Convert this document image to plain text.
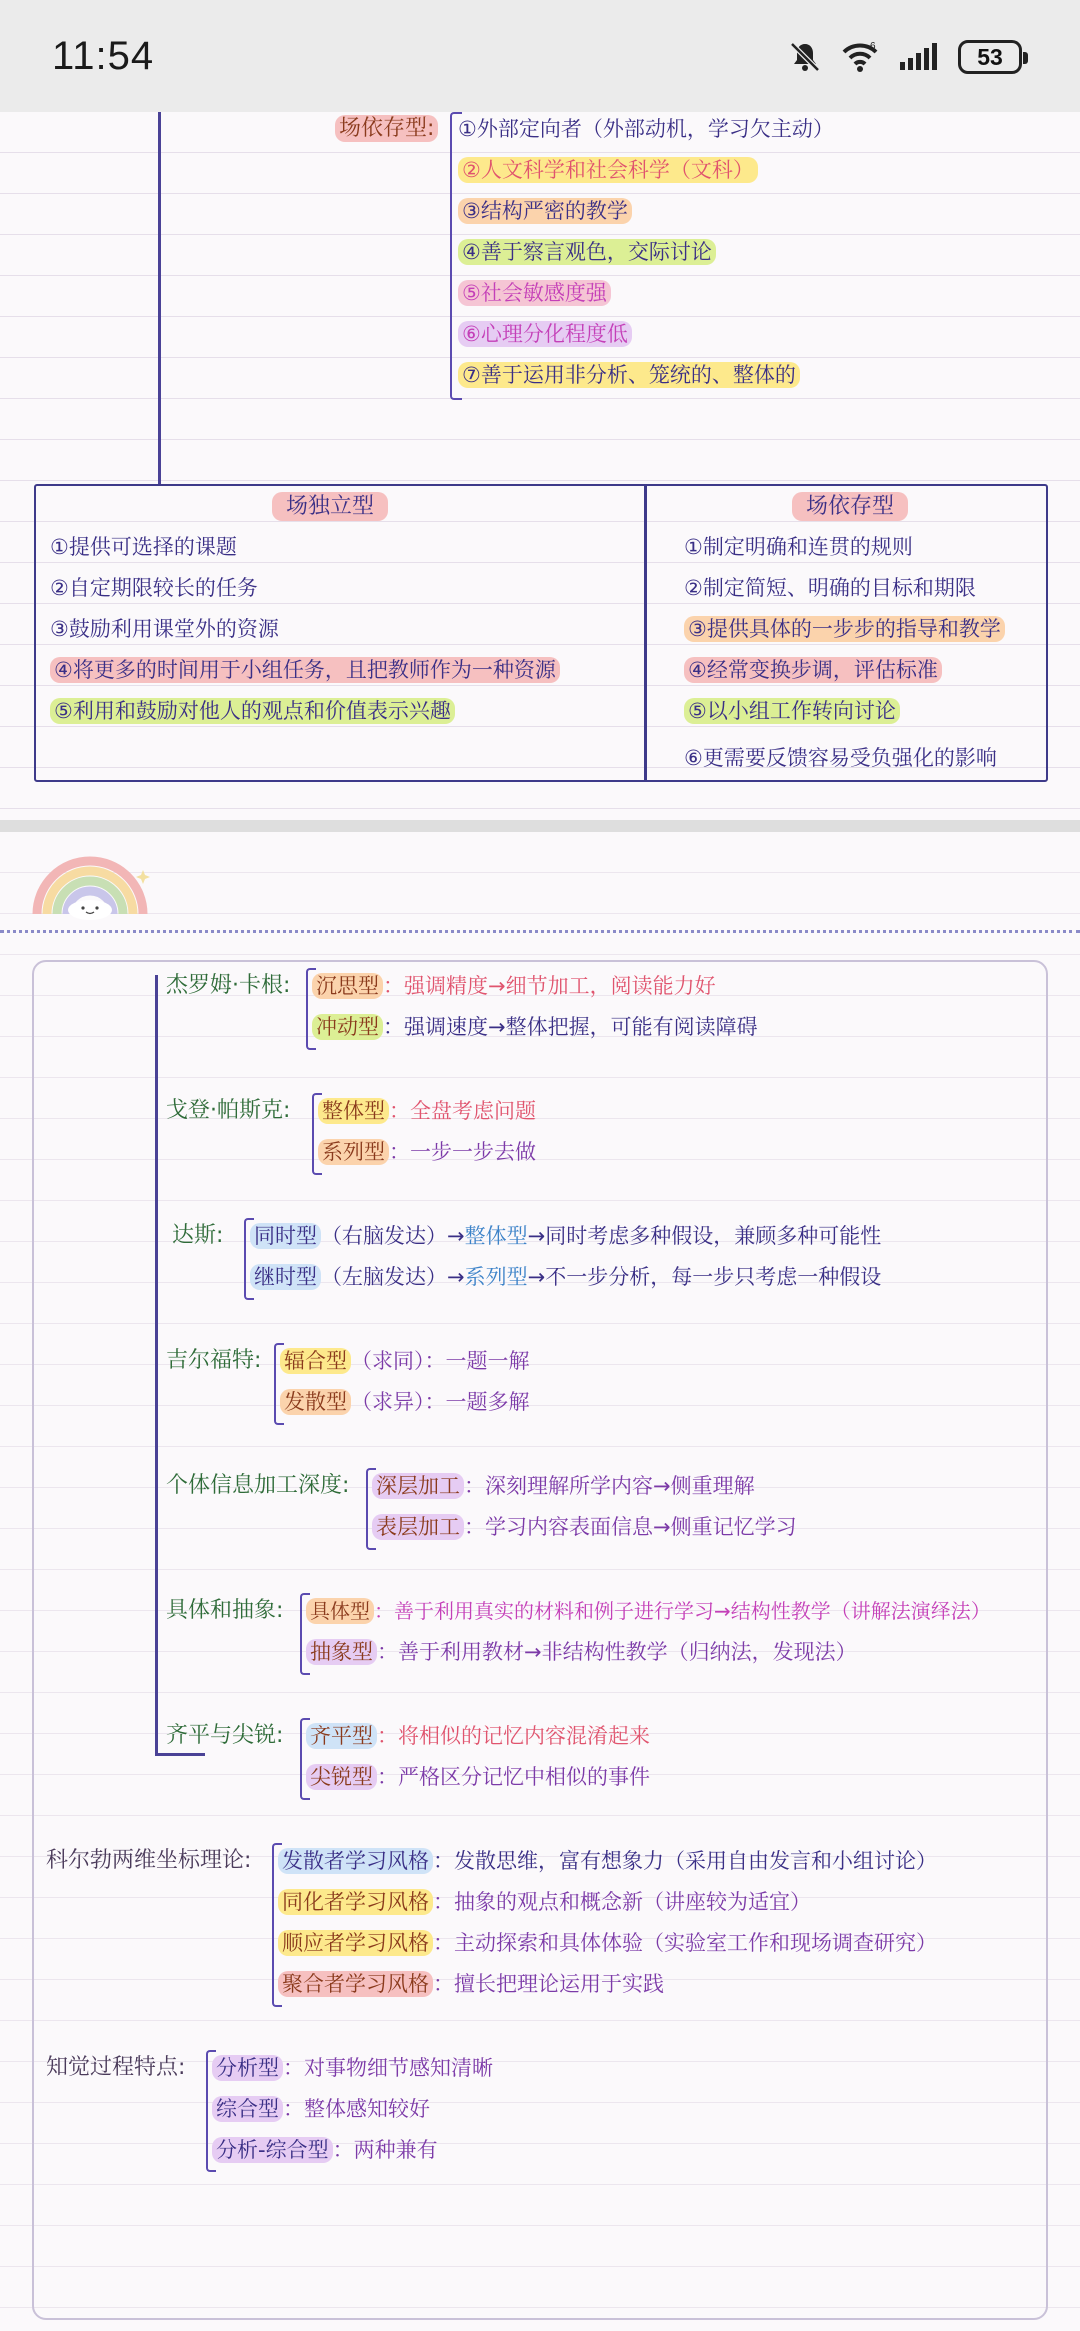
11:54	6	53
场依存型: ①外部定向者（外部动机，学习欠主动）
②人文科学和社会科学（文科）
③结构严密的教学
④善于察言观色，交际讨论
⑤社会敏感度强
⑥心理分化程度低
⑦善于运用非分析、笼统的、整体的
场独立型
①提供可选择的课题
②自定期限较长的任务
③鼓励利用课堂外的资源
④将更多的时间用于小组任务，且把教师作为一种资源
⑤利用和鼓励对他人的观点和价值表示兴趣
场依存型
①制定明确和连贯的规则
②制定简短、明确的目标和期限
③提供具体的一步步的指导和教学
④经常变换步调，评估标准
⑤以小组工作转向讨论
⑥更需要反馈容易受负强化的影响
杰罗姆·卡根: 沉思型 ：强调精度→细节加工，阅读能力好
冲动型 ：强调速度→整体把握，可能有阅读障碍
戈登·帕斯克: 整体型 ：全盘考虑问题
系列型 ：一步一步去做
达斯: 同时型 （右脑发达）→整体型→同时考虑多种假设，兼顾多种可能性
继时型 （左脑发达）→系列型→不一步分析，每一步只考虑一种假设
吉尔福特: 辐合型 （求同）：一题一解
发散型 （求异）：一题多解
个体信息加工深度: 深层加工 ：深刻理解所学内容→侧重理解
表层加工 ：学习内容表面信息→侧重记忆学习
具体和抽象: 具体型 ：善于利用真实的材料和例子进行学习→结构性教学（讲解法演绎法）
抽象型 ：善于利用教材→非结构性教学（归纳法，发现法）
齐平与尖锐: 齐平型 ：将相似的记忆内容混淆起来
尖锐型 ：严格区分记忆中相似的事件
科尔勃两维坐标理论: 发散者学习风格 ：发散思维，富有想象力（采用自由发言和小组讨论）
同化者学习风格 ：抽象的观点和概念新（讲座较为适宜）
顺应者学习风格 ：主动探索和具体体验（实验室工作和现场调查研究）
聚合者学习风格 ：擅长把理论运用于实践
知觉过程特点: 分析型 ：对事物细节感知清晰
综合型 ：整体感知较好
分析-综合型 ：两种兼有
